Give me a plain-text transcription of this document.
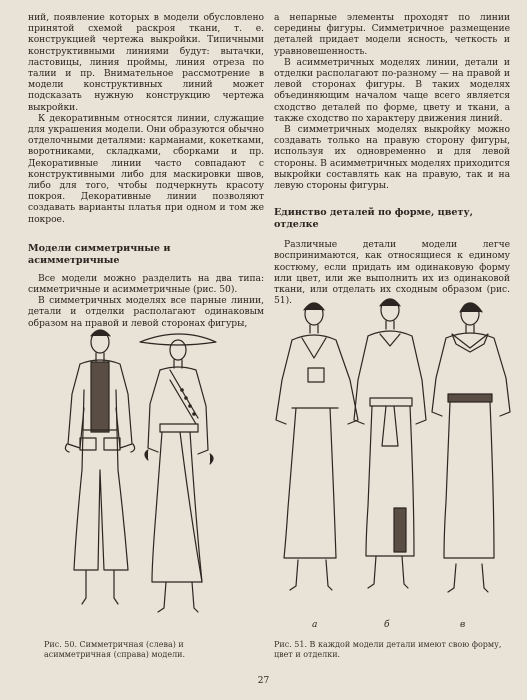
ний, появление которых в модели обусловлено принятой схемой раскроя ткани, т. е. конструкцией чертежа выкройки. Типичными конструктивными линиями будут: вытачки, ластовицы, линия проймы, линия отреза по талии и пр. Внимательное рассмотрение в модели конструктивных линий может подсказать нужную конструкцию чертежа выкройки.

К декоративным относятся линии, служащие для украшения модели. Они образуются обычно отделочными деталями: карманами, кокетками, воротниками, складками, сборками и пр. Декоративные линии часто совпадают с конструктивными либо для маскировки швов, либо для того, чтобы подчеркнуть красоту покроя. Декоративные линии позволяют создавать варианты платья при одном и том же покрое.

Модели симметричные и асимметричные

Все модели можно разделить на два типа: симметричные и асимметричные (рис. 50).

В симметричных моделях все парные линии, детали и отделки располагают одинаковым образом на правой и левой сторонах фигуры,

а непарные элементы проходят по линии середины фигуры. Симметричное размещение деталей придает модели ясность, четкость и уравновешенность.

В асимметричных моделях линии, детали и отделки располагают по-разному — на правой и левой сторонах фигуры. В таких моделях объединяющим началом чаще всего является сходство деталей по форме, цвету и ткани, а также сходство по характеру движения линий.

В симметричных моделях выкройку можно создавать только на правую сторону фигуры, используя их одновременно и для левой стороны. В асимметричных моделях приходится выкройки составлять как на правую, так и на левую стороны фигуры.

Единство деталей по форме, цвету, отделке

Различные детали модели легче воспринимаются, как относящиеся к единому костюму, если придать им одинаковую форму или цвет, или же выполнить их из одинаковой ткани, или отделать их сходным образом (рис. 51).

Рис. 50. Симметричная (слева) и асимметричная (справа) модели.
а	б	в
Рис. 51. В каждой модели детали имеют свою форму, цвет и отделки.
27
